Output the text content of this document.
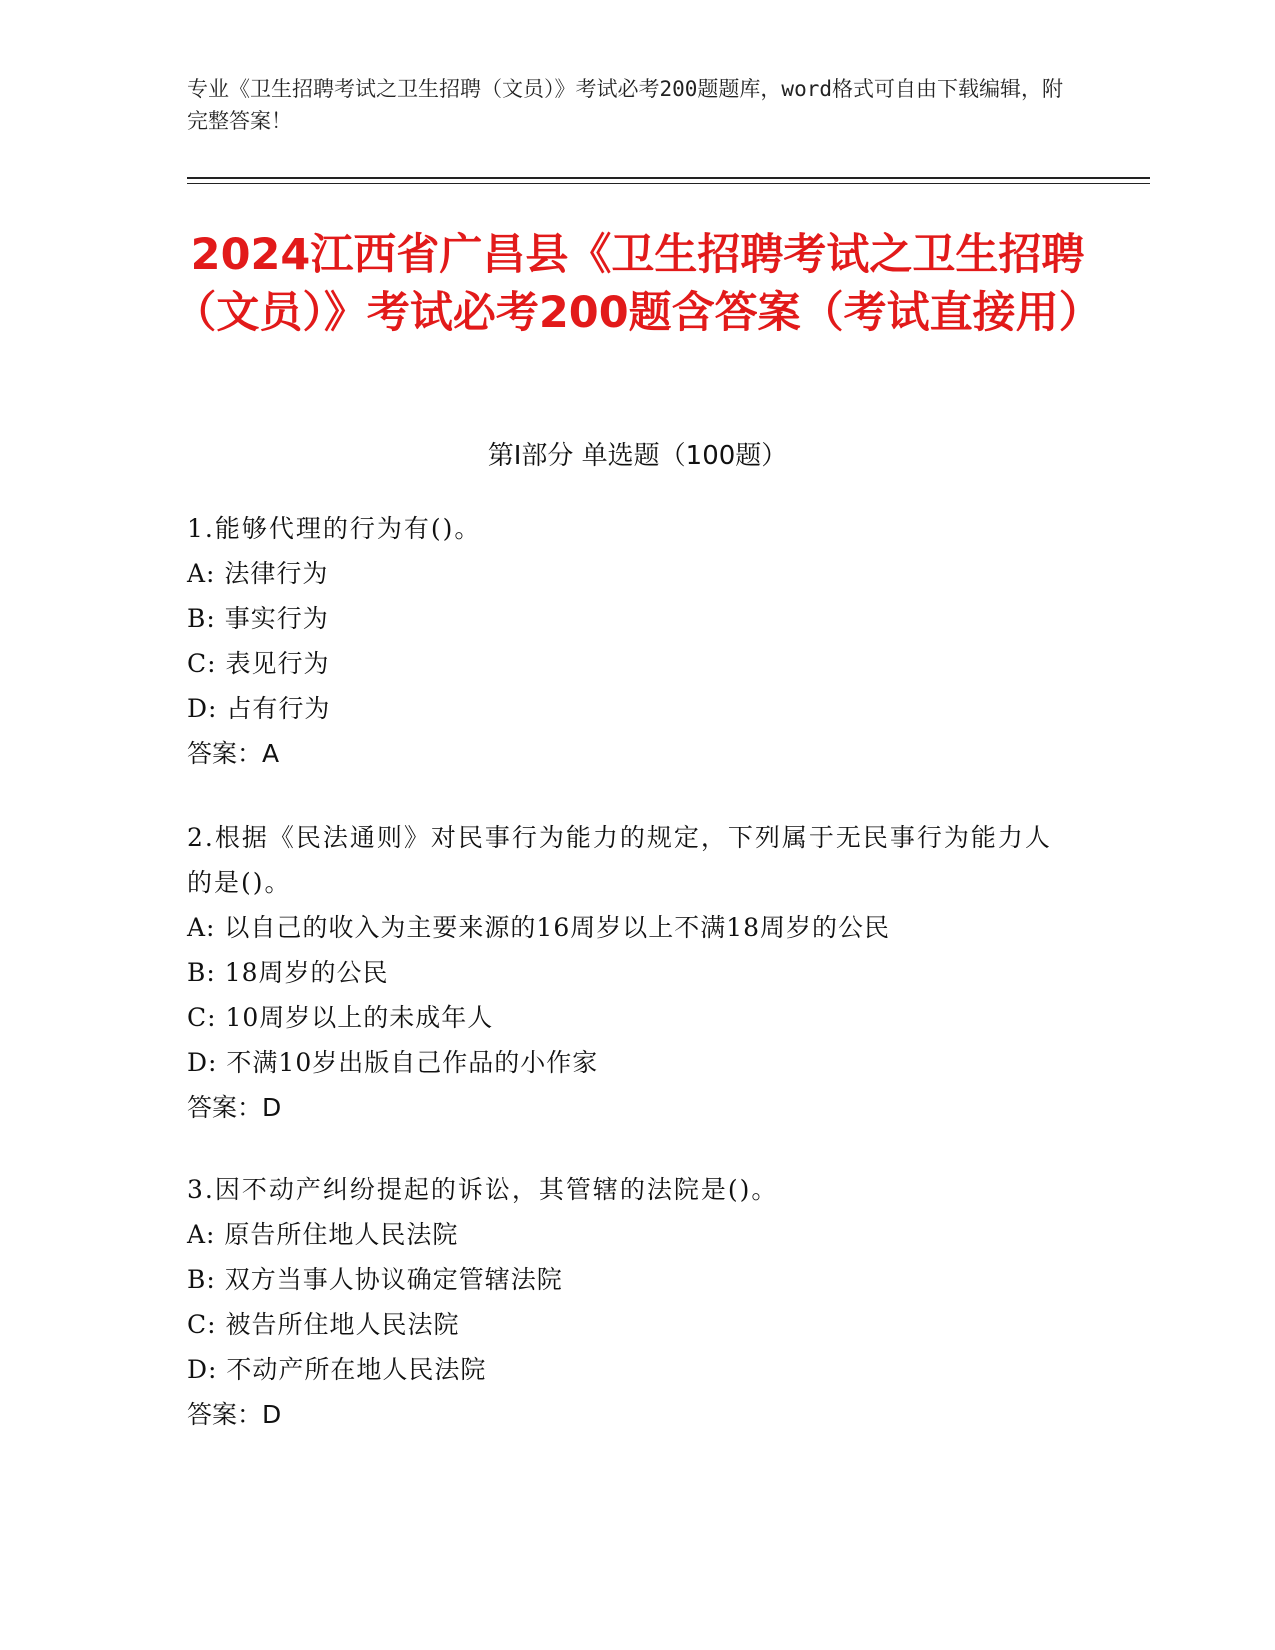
专业《卫生招聘考试之卫生招聘（文员）》考试必考200题题库，word格式可自由下载编辑，附完整答案！
2024江西省广昌县《卫生招聘考试之卫生招聘（文员）》考试必考200题含答案（考试直接用）
第I部分 单选题（100题）
1.能够代理的行为有()。
A: 法律行为
B: 事实行为
C: 表见行为
D: 占有行为
答案：A
2.根据《民法通则》对民事行为能力的规定，下列属于无民事行为能力人的是()。
A: 以自己的收入为主要来源的16周岁以上不满18周岁的公民
B: 18周岁的公民
C: 10周岁以上的未成年人
D: 不满10岁出版自己作品的小作家
答案：D
3.因不动产纠纷提起的诉讼，其管辖的法院是()。
A: 原告所住地人民法院
B: 双方当事人协议确定管辖法院
C: 被告所住地人民法院
D: 不动产所在地人民法院
答案：D
